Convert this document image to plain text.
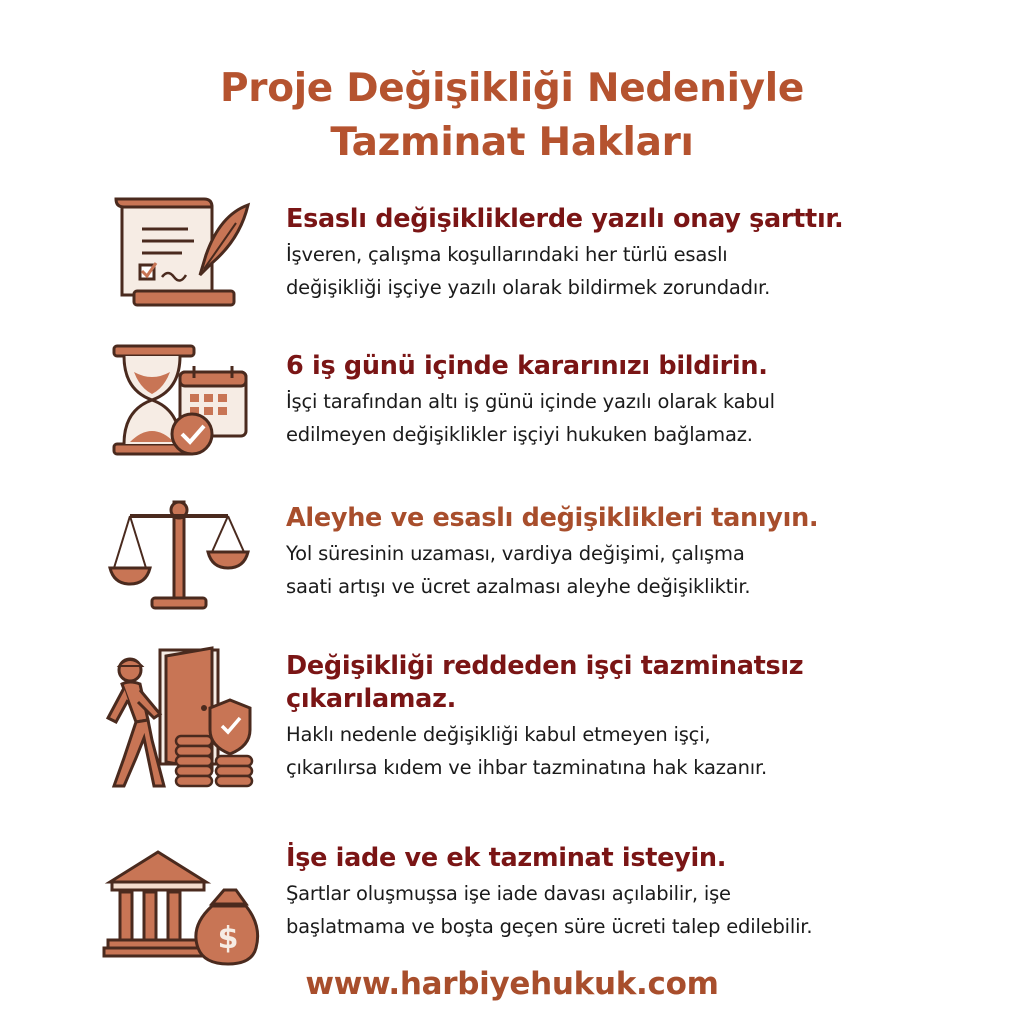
Proje Değişikliği Nedeniyle
Tazminat Hakları

Esaslı değişikliklerde yazılı onay şarttır.

İşveren, çalışma koşullarındaki her türlü esaslı
değişikliği işçiye yazılı olarak bildirmek zorundadır.

6 iş günü içinde kararınızı bildirin.

İşçi tarafından altı iş günü içinde yazılı olarak kabul
edilmeyen değişiklikler işçiyi hukuken bağlamaz.

Aleyhe ve esaslı değişiklikleri tanıyın.

Yol süresinin uzaması, vardiya değişimi, çalışma
saati artışı ve ücret azalması aleyhe değişikliktir.

Değişikliği reddeden işçi tazminatsız
çıkarılamaz.

Haklı nedenle değişikliği kabul etmeyen işçi,
çıkarılırsa kıdem ve ihbar tazminatına hak kazanır.

$

İşe iade ve ek tazminat isteyin.

Şartlar oluşmuşsa işe iade davası açılabilir, işe
başlatmama ve boşta geçen süre ücreti talep edilebilir.

www.harbiyehukuk.com
